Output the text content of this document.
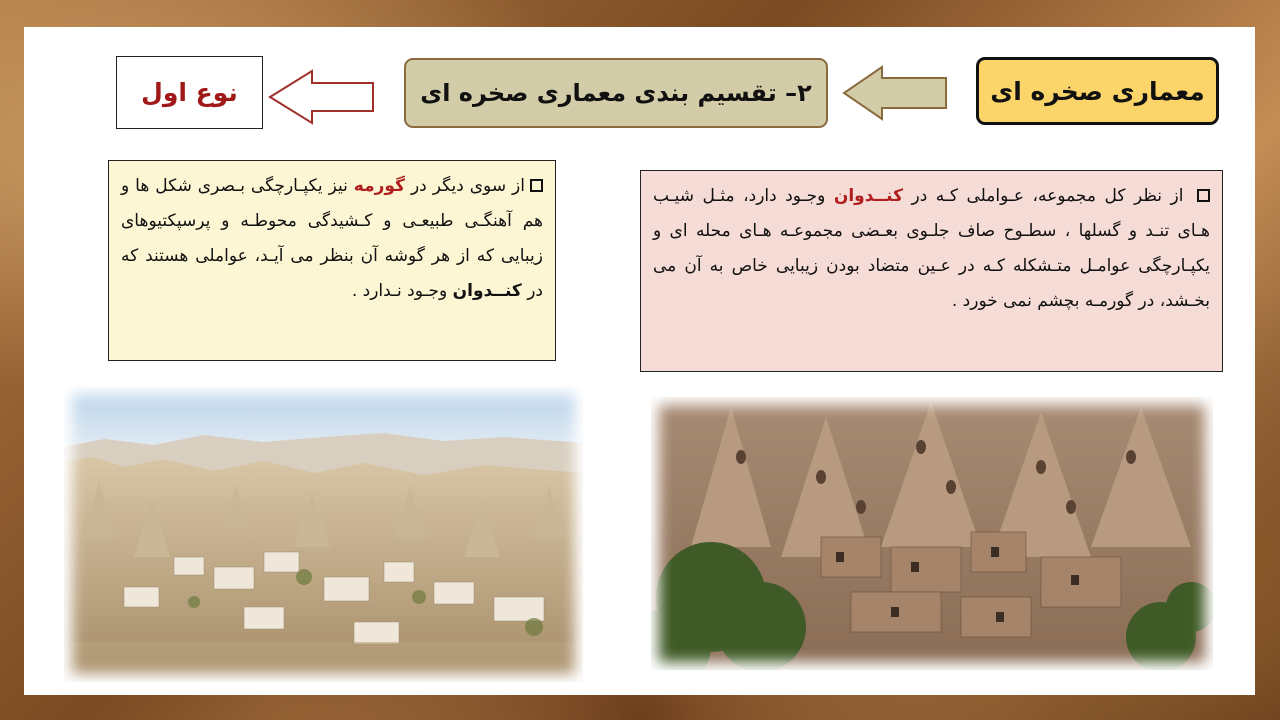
معماری صخره ای
۲– تقسیم بندی معماری صخره ای
نوع اول
از نظر کل مجموعه، عـواملی کـه در کنــدوان وجـود دارد، مثـل شیـب هـای تنـد و گسلها ، سطـوح صاف جلـوی بعـضی مجموعـه هـای محله ای و یکپـارچگی عوامـل متـشکله کـه در عـین متضاد بودن زیبایی خاص به آن می بخـشد، در گورمـه بچشم نمی خورد .
از سوی دیگر در گورمه نیز یکپـارچگی بـصری شکل ها و هم آهنگـی طبیعـی و کـشیدگی محوطـه و پرسپکتیوهای زیبایی که از هر گوشه آن بنظر می آیـد، عواملی هستند که در کنــدوان وجـود نـدارد .
